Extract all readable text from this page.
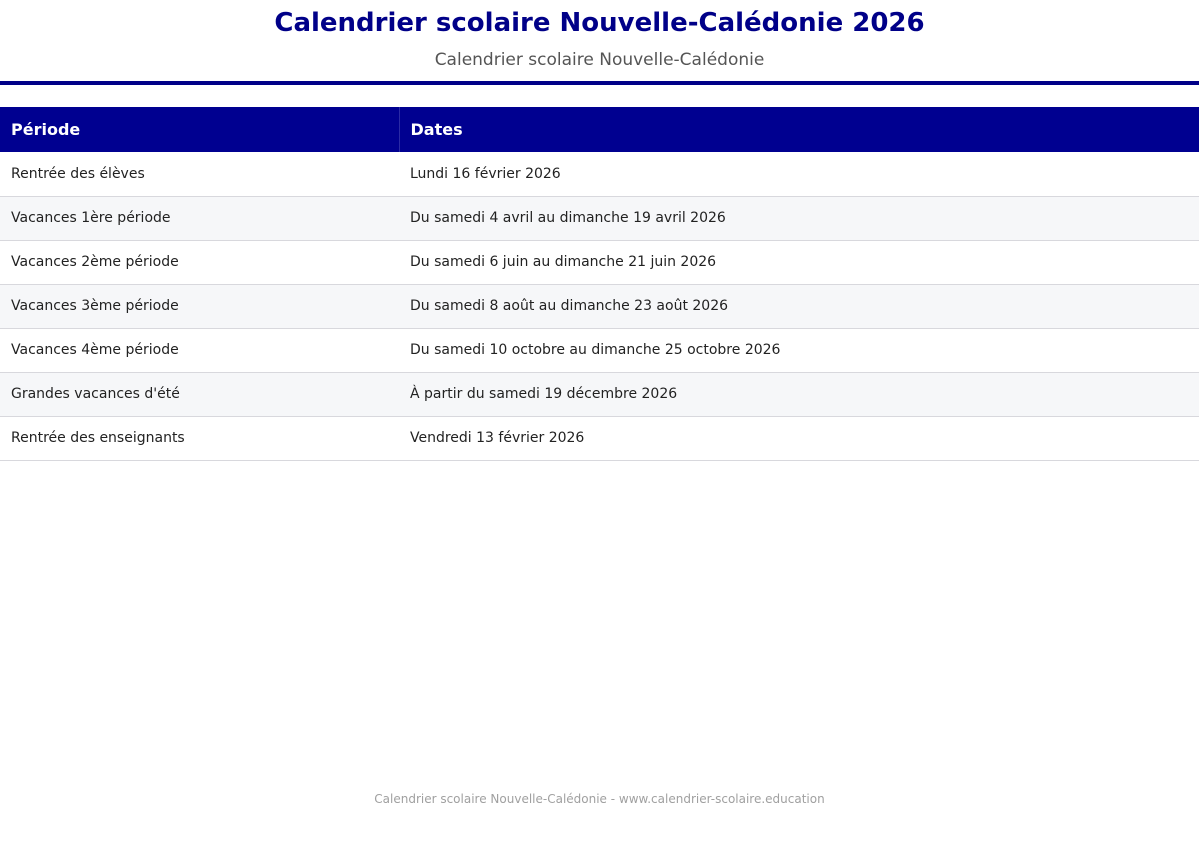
Calendrier scolaire Nouvelle-Calédonie 2026
Calendrier scolaire Nouvelle-Calédonie
Période	Dates
Rentrée des élèves	Lundi 16 février 2026
Vacances 1ère période	Du samedi 4 avril au dimanche 19 avril 2026
Vacances 2ème période	Du samedi 6 juin au dimanche 21 juin 2026
Vacances 3ème période	Du samedi 8 août au dimanche 23 août 2026
Vacances 4ème période	Du samedi 10 octobre au dimanche 25 octobre 2026
Grandes vacances d'été	À partir du samedi 19 décembre 2026
Rentrée des enseignants	Vendredi 13 février 2026
Calendrier scolaire Nouvelle-Calédonie - www.calendrier-scolaire.education
